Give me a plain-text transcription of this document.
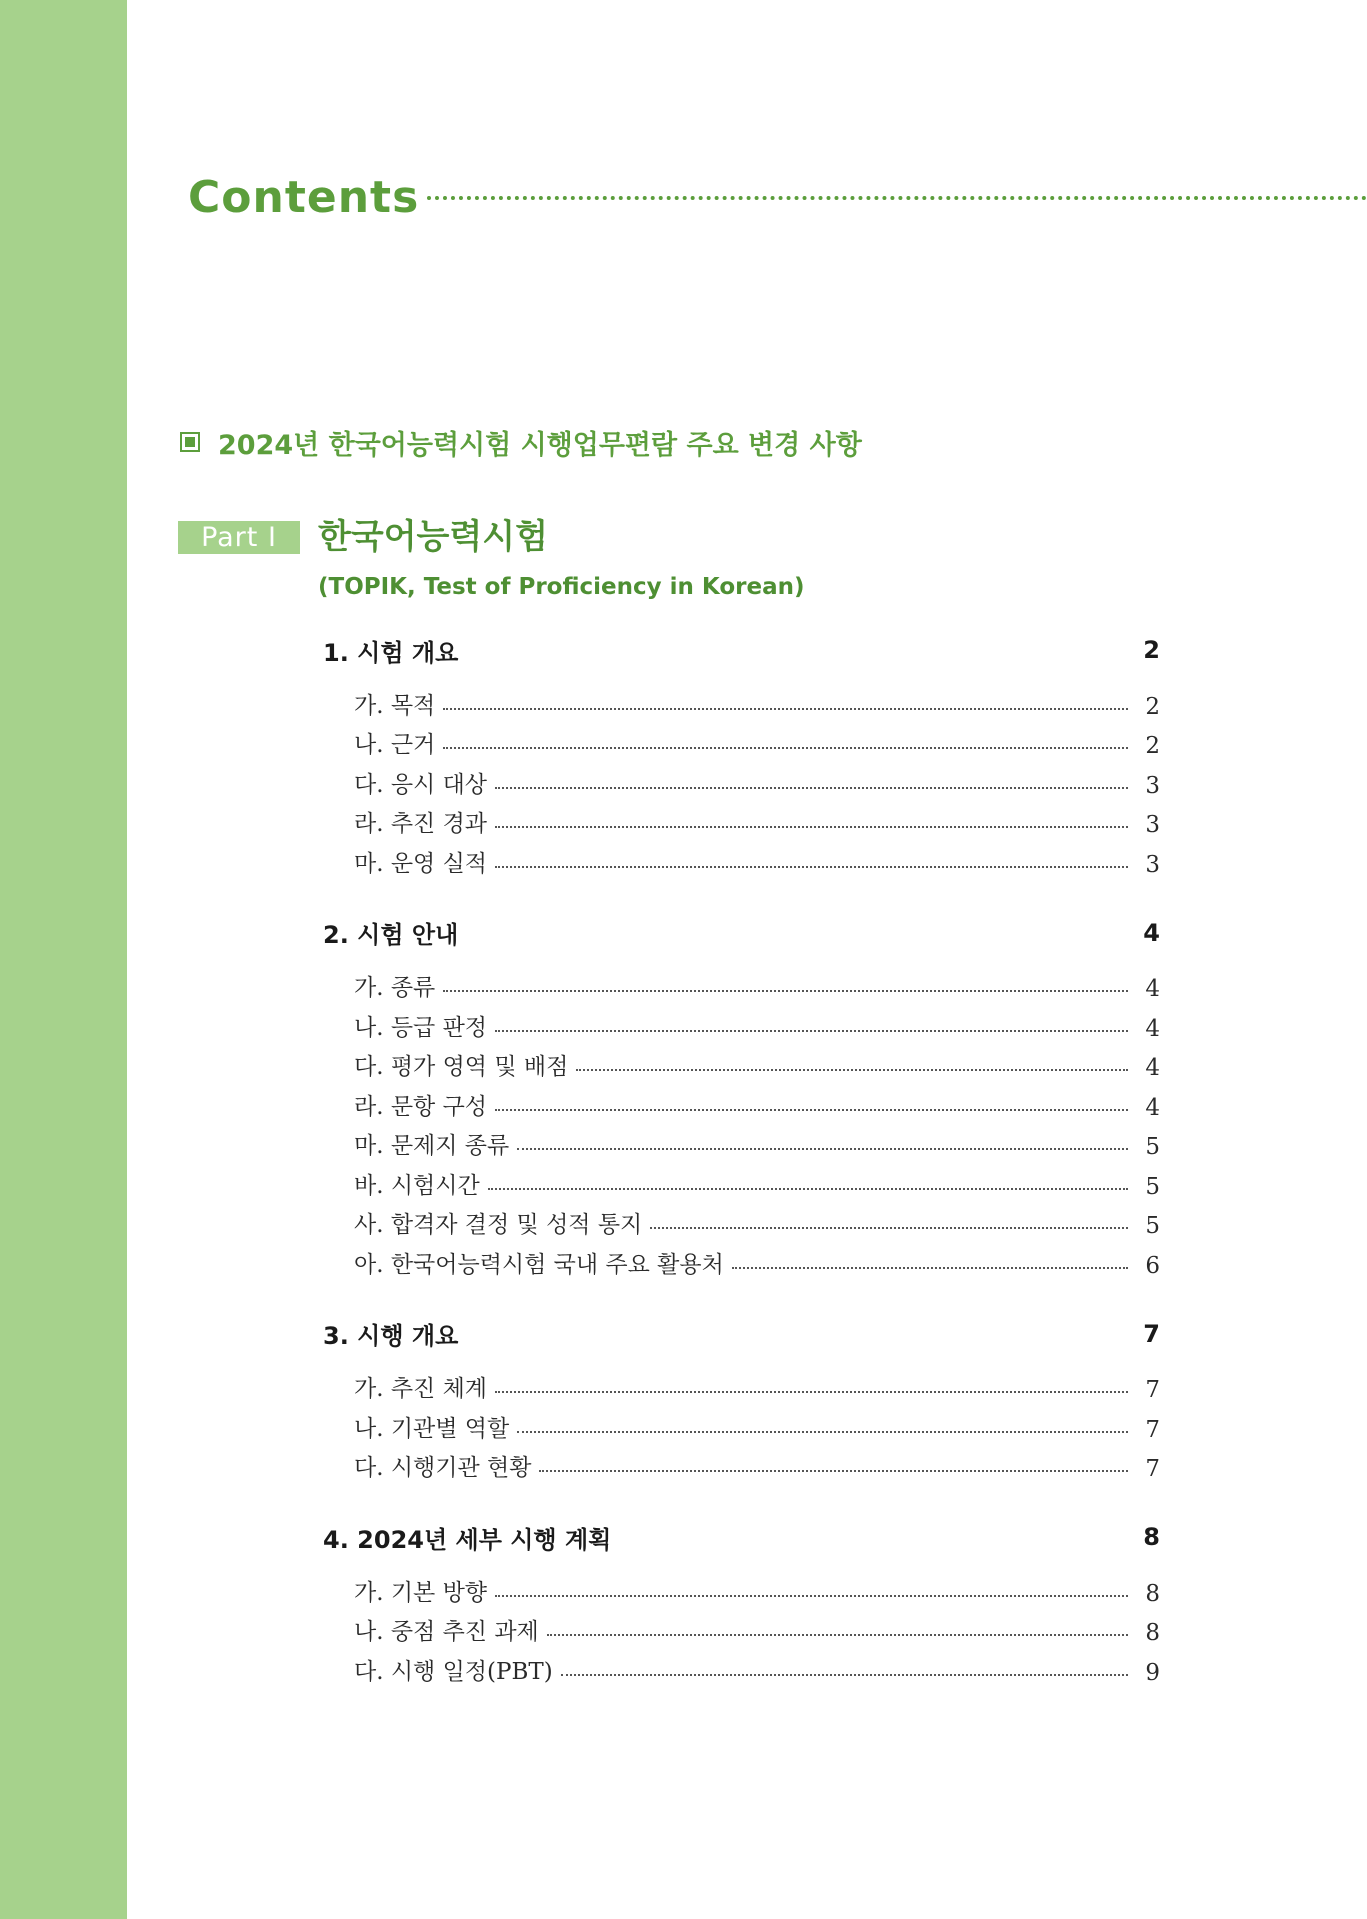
Contents
2024년 한국어능력시험 시행업무편람 주요 변경 사항
Part Ⅰ	한국어능력시험
(TOPIK, Test of Proficiency in Korean)
1. 시험 개요	2
가. 목적	2
나. 근거	2
다. 응시 대상	3
라. 추진 경과	3
마. 운영 실적	3
2. 시험 안내	4
가. 종류	4
나. 등급 판정	4
다. 평가 영역 및 배점	4
라. 문항 구성	4
마. 문제지 종류	5
바. 시험시간	5
사. 합격자 결정 및 성적 통지	5
아. 한국어능력시험 국내 주요 활용처	6
3. 시행 개요	7
가. 추진 체계	7
나. 기관별 역할	7
다. 시행기관 현황	7
4. 2024년 세부 시행 계획	8
가. 기본 방향	8
나. 중점 추진 과제	8
다. 시행 일정(PBT)	9
